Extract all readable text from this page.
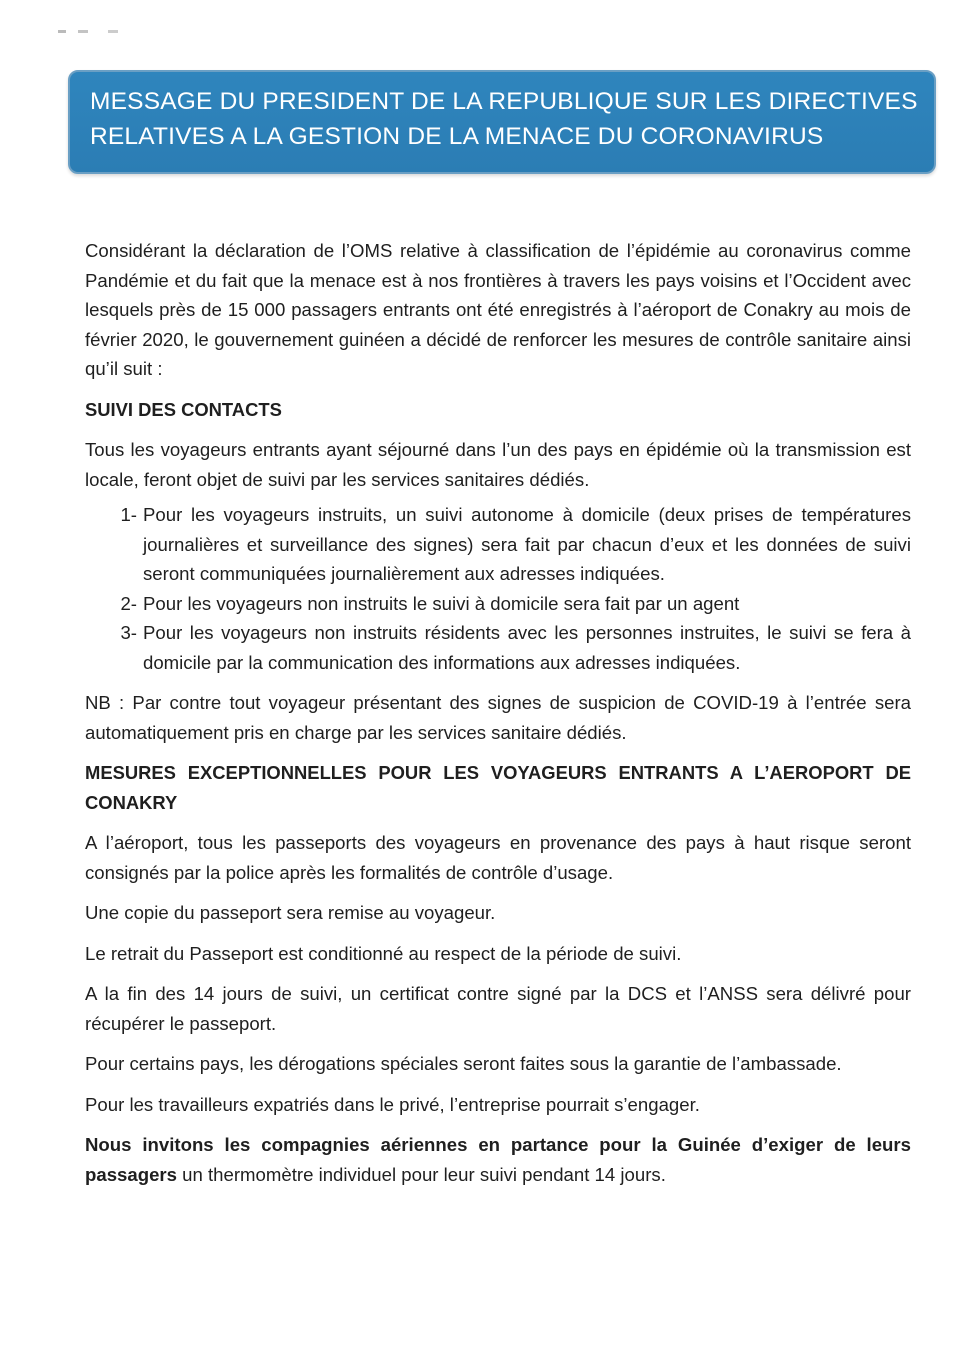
MESSAGE DU PRESIDENT DE LA REPUBLIQUE SUR LES DIRECTIVES
RELATIVES A LA GESTION DE LA MENACE DU CORONAVIRUS

Considérant la déclaration de l’OMS relative à classification de l’épidémie au coronavirus comme Pandémie et du fait que la menace est à nos frontières à travers les pays voisins et l’Occident avec lesquels près de 15 000 passagers entrants ont été enregistrés à l’aéroport de Conakry au mois de février 2020, le gouvernement guinéen a décidé de renforcer les mesures de contrôle sanitaire ainsi qu’il suit :

SUIVI DES CONTACTS

Tous les voyageurs entrants ayant séjourné dans l’un des pays en épidémie où la transmission est locale, feront objet de suivi par les services sanitaires dédiés.

1- Pour les voyageurs instruits, un suivi autonome à domicile (deux prises de températures journalières et surveillance des signes) sera fait par chacun d’eux et les données de suivi seront communiquées journalièrement aux adresses indiquées.
2- Pour les voyageurs non instruits le suivi à domicile sera fait par un agent
3- Pour les voyageurs non instruits résidents avec les personnes instruites, le suivi se fera à domicile par la communication des informations aux adresses indiquées.

NB : Par contre tout voyageur présentant des signes de suspicion de COVID-19 à l’entrée sera automatiquement pris en charge par les services sanitaire dédiés.

MESURES EXCEPTIONNELLES POUR LES VOYAGEURS ENTRANTS A L’AEROPORT DE CONAKRY

A l’aéroport, tous les passeports des voyageurs en provenance des pays à haut risque seront consignés par la police après les formalités de contrôle d’usage.

Une copie du passeport sera remise au voyageur.

Le retrait du Passeport est conditionné au respect de la période de suivi.

A la fin des 14 jours de suivi, un certificat contre signé par la DCS et l’ANSS sera délivré pour récupérer le passeport.

Pour certains pays, les dérogations spéciales seront faites sous la garantie de l’ambassade.

Pour les travailleurs expatriés dans le privé, l’entreprise pourrait s’engager.

Nous invitons les compagnies aériennes en partance pour la Guinée d’exiger de leurs passagers un thermomètre individuel pour leur suivi pendant 14 jours.
